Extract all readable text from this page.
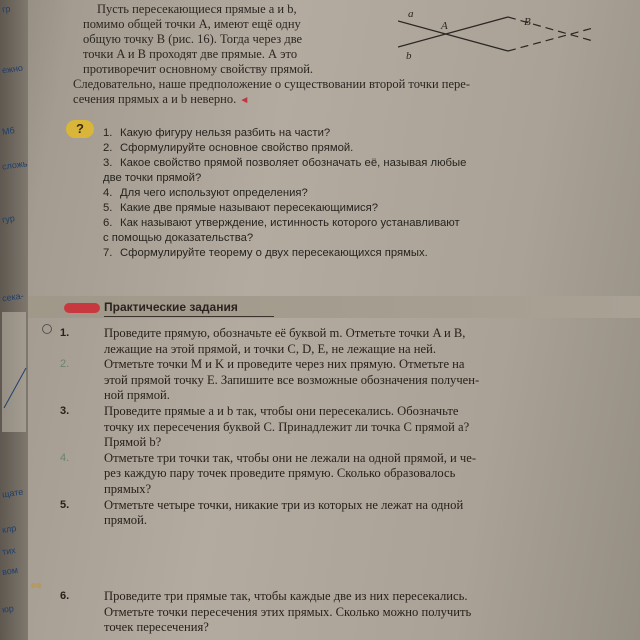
гр
ежно
Мб
сложь
гур
сека-
щате
клр
тих
вом
юр
a
A	B
b
Пусть пересекающиеся прямые a и b,
помимо общей точки A, имеют ещё одну
общую точку B (рис. 16). Тогда через две
точки A и B проходят две прямые. А это
противоречит основному свойству прямой.
Следовательно, наше предположение о существовании второй точки пере-
сечения прямых a и b неверно. ◄
?	1. Какую фигуру нельзя разбить на части?
2. Сформулируйте основное свойство прямой.
3. Какое свойство прямой позволяет обозначать её, называя любые
две точки прямой?
4. Для чего используют определения?
5. Какие две прямые называют пересекающимися?
6. Как называют утверждение, истинность которого устанавливают
с помощью доказательства?
7. Сформулируйте теорему о двух пересекающихся прямых.
Практические задания
1.	Проведите прямую, обозначьте её буквой m. Отметьте точки A и B,
лежащие на этой прямой, и точки C, D, E, не лежащие на ней.
2.	Отметьте точки M и K и проведите через них прямую. Отметьте на
этой прямой точку E. Запишите все возможные обозначения получен-
ной прямой.
3.	Проведите прямые a и b так, чтобы они пересекались. Обозначьте
точку их пересечения буквой C. Принадлежит ли точка C прямой a?
Прямой b?
4.	Отметьте три точки так, чтобы они не лежали на одной прямой, и че-
рез каждую пару точек проведите прямую. Сколько образовалось
прямых?
5.	Отметьте четыре точки, никакие три из которых не лежат на одной
прямой.
●●
6.	Проведите три прямые так, чтобы каждые две из них пересекались.
Отметьте точки пересечения этих прямых. Сколько можно получить
точек пересечения?
